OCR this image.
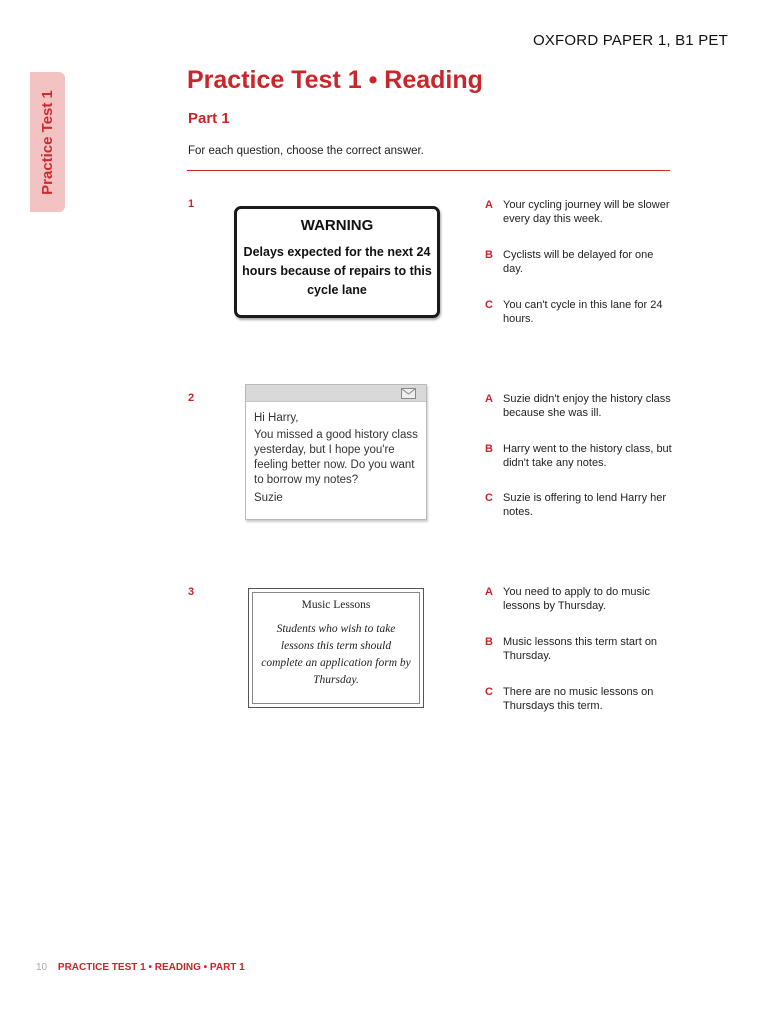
OXFORD PAPER 1, B1 PET
Practice Test 1
Practice Test 1 • Reading
Part 1
For each question, choose the correct answer.
1
WARNING
Delays expected for the next 24 hours because of repairs to this cycle lane
A Your cycling journey will be slower every day this week.
B Cyclists will be delayed for one day.
C You can't cycle in this lane for 24 hours.
2
Hi Harry,
You missed a good history class yesterday, but I hope you're feeling better now. Do you want to borrow my notes?
Suzie
A Suzie didn't enjoy the history class because she was ill.
B Harry went to the history class, but didn't take any notes.
C Suzie is offering to lend Harry her notes.
3
Music Lessons
Students who wish to take lessons this term should complete an application form by Thursday.
A You need to apply to do music lessons by Thursday.
B Music lessons this term start on Thursday.
C There are no music lessons on Thursdays this term.
10 PRACTICE TEST 1 • READING • PART 1
